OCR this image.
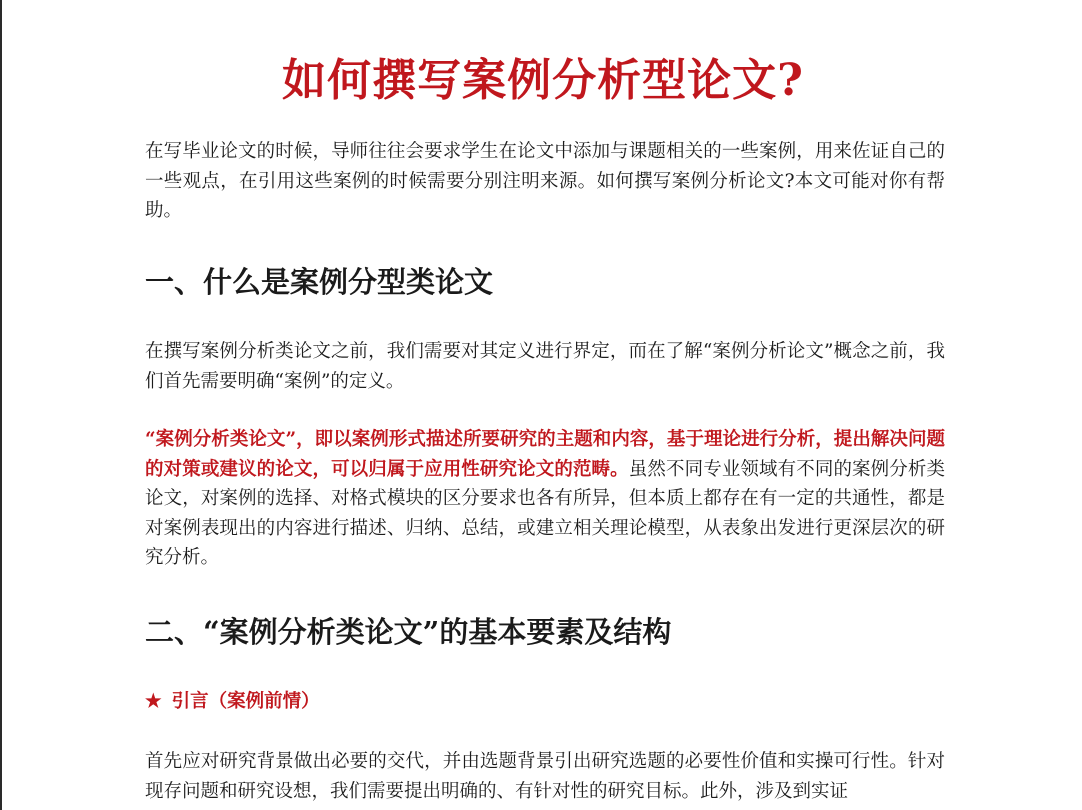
如何撰写案例分析型论文?

在写毕业论文的时候，导师往往会要求学生在论文中添加与课题相关的一些案例，用来佐证自己的一些观点，在引用这些案例的时候需要分别注明来源。如何撰写案例分析论文?本文可能对你有帮助。

一、什么是案例分型类论文

在撰写案例分析类论文之前，我们需要对其定义进行界定，而在了解“案例分析论文”概念之前，我们首先需要明确“案例”的定义。

“案例分析类论文”，即以案例形式描述所要研究的主题和内容，基于理论进行分析，提出解决问题的对策或建议的论文，可以归属于应用性研究论文的范畴。虽然不同专业领域有不同的案例分析类论文，对案例的选择、对格式模块的区分要求也各有所异，但本质上都存在有一定的共通性，都是对案例表现出的内容进行描述、归纳、总结，或建立相关理论模型，从表象出发进行更深层次的研究分析。

二、“案例分析类论文”的基本要素及结构

★ 引言（案例前情）

首先应对研究背景做出必要的交代，并由选题背景引出研究选题的必要性价值和实操可行性。针对现存问题和研究设想，我们需要提出明确的、有针对性的研究目标。此外，涉及到实证
